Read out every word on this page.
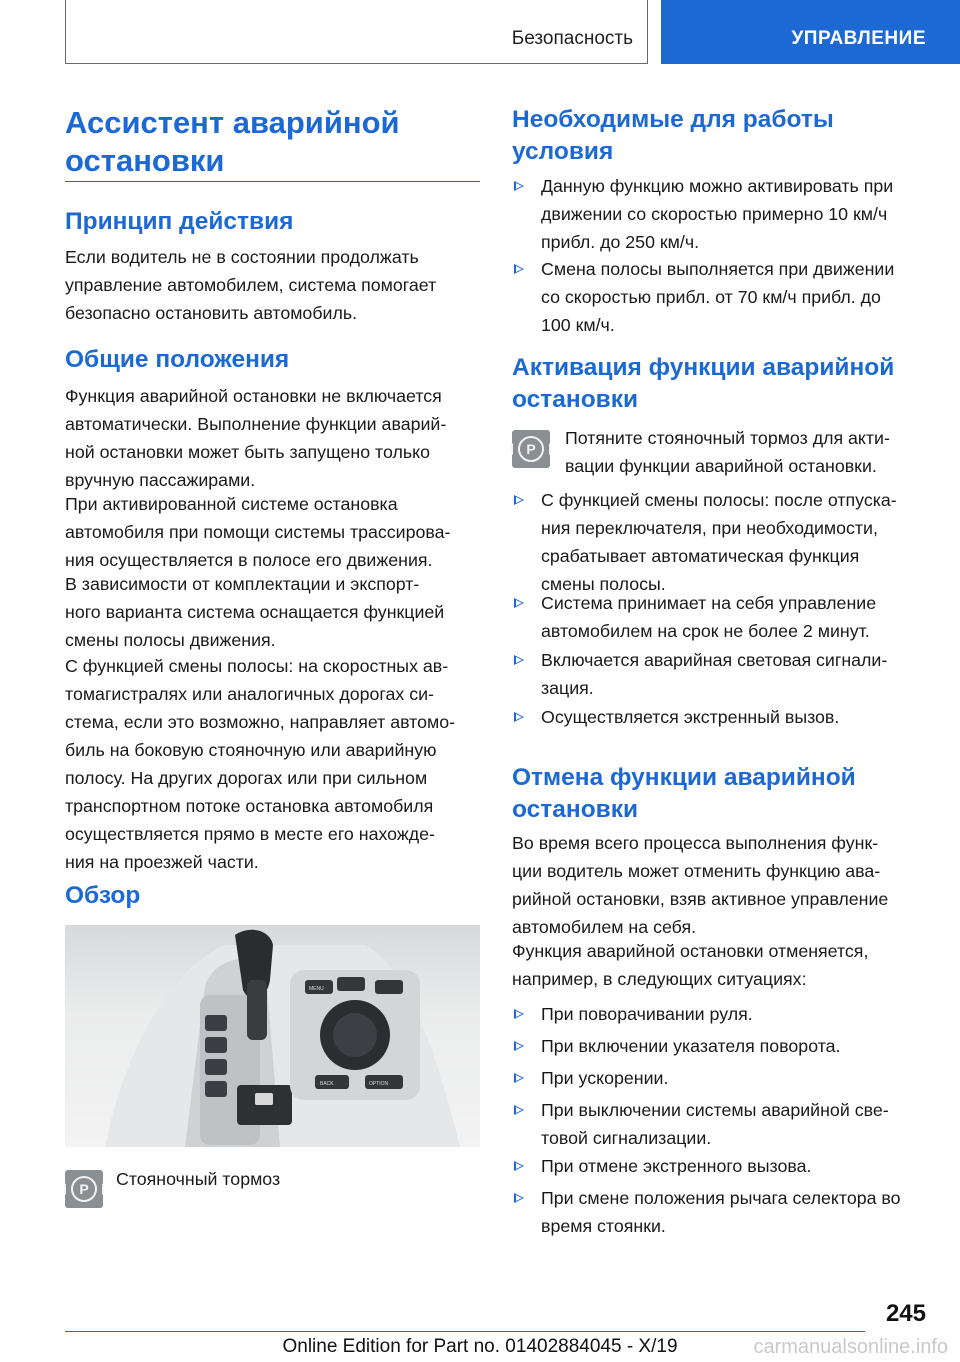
Безопасность	УПРАВЛЕНИЕ
Ассистент аварийной
остановки
Принцип действия
Если водитель не в состоянии продолжать
управление автомобилем, система помогает
безопасно остановить автомобиль.
Общие положения
Функция аварийной остановки не включается
автоматически. Выполнение функции аварий-
ной остановки может быть запущено только
вручную пассажирами.
При активированной системе остановка
автомобиля при помощи системы трассирова-
ния осуществляется в полосе его движения.
В зависимости от комплектации и экспорт-
ного варианта система оснащается функцией
смены полосы движения.
С функцией смены полосы: на скоростных ав-
томагистралях или аналогичных дорогах си-
стема, если это возможно, направляет автомо-
биль на боковую стояночную или аварийную
полосу. На других дорогах или при сильном
транспортном потоке остановка автомобиля
осуществляется прямо в месте его нахожде-
ния на проезжей части.
Обзор
MENU
BACK	OPTION
P	Стояночный тормоз
Необходимые для работы
условия
Данную функцию можно активировать при
движении со скоростью примерно 10 км/ч
прибл. до 250 км/ч.
Смена полосы выполняется при движении
со скоростью прибл. от 70 км/ч прибл. до
100 км/ч.
Активация функции аварийной
остановки
P
Потяните стояночный тормоз для акти-
вации функции аварийной остановки.
С функцией смены полосы: после отпуска-
ния переключателя, при необходимости,
срабатывает автоматическая функция
смены полосы.
Система принимает на себя управление
автомобилем на срок не более 2 минут.
Включается аварийная световая сигнали-
зация.
Осуществляется экстренный вызов.
Отмена функции аварийной
остановки
Во время всего процесса выполнения функ-
ции водитель может отменить функцию ава-
рийной остановки, взяв активное управление
автомобилем на себя.
Функция аварийной остановки отменяется,
например, в следующих ситуациях:
При поворачивании руля.
При включении указателя поворота.
При ускорении.
При выключении системы аварийной све-
товой сигнализации.
При отмене экстренного вызова.
При смене положения рычага селектора во
время стоянки.
245
Online Edition for Part no. 01402884045 - X/19	carmanualsonline.info
